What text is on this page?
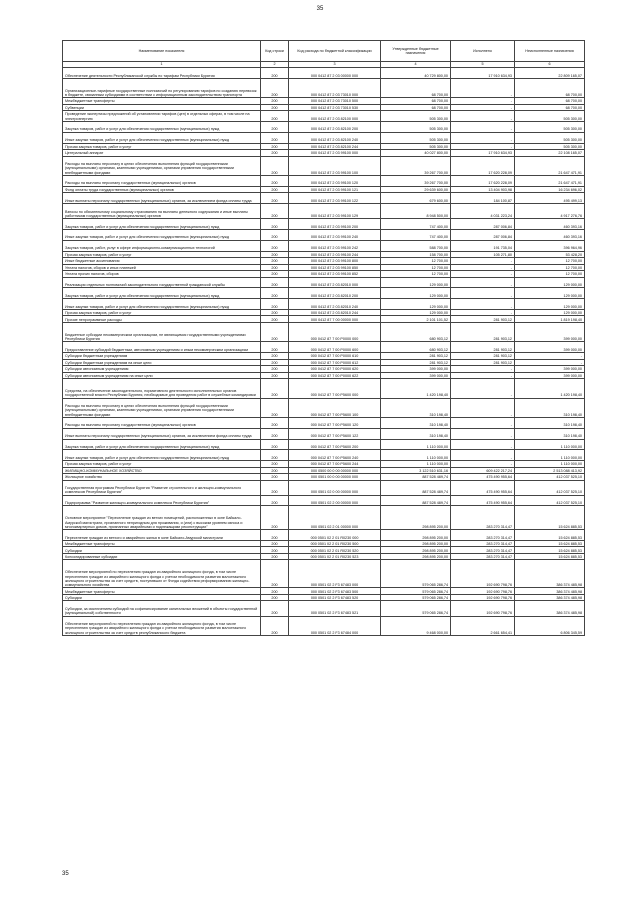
35
Наименование показателя	Код строки	Код расхода по бюджетной классификации	Утвержденные бюджетные назначения	Исполнено	Неисполненные назначения
1	2	3	4	5	6
Обеспечение деятельности Республиканской службы по тарифам Республики Бурятия	200	000 0412 87 2 03 00000 000	40 729 800,00	17 910 634,93	22 809 165,07
Организационные-тарифные государственные полномочий по регулированию тарифов по созданию перевозок в бюджете, связанным субсидиями в соответствии с информационным законодательством транспорта	200	000 0412 87 2 03 73010 000	68 700,00	-	68 700,00
Межбюджетные трансферты	200	000 0412 87 2 03 73010 500	68 700,00	-	68 700,00
Субвенции	200	000 0412 87 2 03 73010 530	68 700,00	-	68 700,00
Проведение экспертизы предложений об установлении тарифов (цен) в отдельных сферах, в том числе на электроэнергию	200	000 0412 87 2 03 82100 000	505 300,00	-	505 300,00
Закупка товаров, работ и услуг для обеспечения государственных (муниципальных) нужд	200	000 0412 87 2 03 82100 200	505 300,00	-	505 300,00
Иные закупки товаров, работ и услуг для обеспечения государственных (муниципальных) нужд	200	000 0412 87 2 03 82100 240	505 300,00	-	505 300,00
Прочая закупка товаров, работ и услуг	200	000 0412 87 2 03 82100 244	505 300,00	-	505 300,00
Центральный аппарат	200	000 0412 87 2 03 99100 000	40 027 800,00	17 910 634,93	22 108 165,07
Расходы на выплаты персоналу в целях обеспечения выполнения функций государственными (муниципальными) органами, казенными учреждениями, органами управления государственными внебюджетными фондами	200	000 0412 87 2 03 99100 100	39 267 700,00	17 620 228,09	21 647 471,91
Расходы на выплаты персоналу государственных (муниципальных) органов	200	000 0412 87 2 03 99100 120	39 267 700,00	17 620 228,09	21 647 471,91
Фонд оплаты труда государственных (муниципальных) органов	200	000 0412 87 2 03 99100 121	29 639 600,00	13 404 903,98	16 234 696,02
Иные выплаты персоналу государственных (муниципальных) органов, за исключением фонда оплаты труда	200	000 0412 87 2 03 99100 122	679 600,00	184 100,87	495 499,13
Взносы по обязательному социальному страхованию на выплаты денежного содержания и иные выплаты работникам государственных (муниципальных) органов	200	000 0412 87 2 03 99100 129	8 948 500,00	4 031 223,24	4 917 276,76
Закупка товаров, работ и услуг для обеспечения государственных (муниципальных) нужд	200	000 0412 87 2 03 99100 200	747 400,00	287 006,84	460 393,16
Иные закупки товаров, работ и услуг для обеспечения государственных (муниципальных) нужд	200	000 0412 87 2 03 99100 240	747 400,00	287 006,84	460 393,16
Закупка товаров, работ, услуг в сфере информационно-коммуникационных технологий	200	000 0412 87 2 03 99100 242	588 700,00	191 735,04	396 964,96
Прочая закупка товаров, работ и услуг	200	000 0412 87 2 03 99100 244	158 700,00	105 271,80	53 428,20
Иные бюджетные ассигнования	200	000 0412 87 2 03 99100 800	12 700,00	-	12 700,00
Уплата налогов, сборов и иных платежей	200	000 0412 87 2 03 99100 850	12 700,00	-	12 700,00
Уплата прочих налогов, сборов	200	000 0412 87 2 03 99100 852	12 700,00	-	12 700,00
Реализация отдельных полномочий законодательного государственной гражданской службы	200	000 0412 87 2 03 82010 000	129 000,00	-	129 000,00
Закупка товаров, работ и услуг для обеспечения государственных (муниципальных) нужд	200	000 0412 87 2 03 82010 200	129 000,00	-	129 000,00
Иные закупки товаров, работ и услуг для обеспечения государственных (муниципальных) нужд	200	000 0412 87 2 03 82010 240	129 000,00	-	129 000,00
Прочая закупка товаров, работ и услуг	200	000 0412 87 2 03 82010 244	129 000,00	-	129 000,00
Прочие непрограммные расходы	200	000 0412 87 7 00 00000 000	2 101 101,52	281 903,12	1 819 198,40
Бюджетные субсидии некоммерческим организациям, не являющимся государственными учреждениями Республики Бурятия	200	000 0412 87 7 00 P0000 000	680 903,12	281 903,12	399 000,00
Предоставление субсидий бюджетным, автономным учреждениям и иным некоммерческим организациям	200	000 0412 87 7 00 P0000 600	680 903,12	281 903,12	399 000,00
Субсидии бюджетным учреждениям	200	000 0412 87 7 00 P0000 610	281 903,12	281 903,12	-
Субсидии бюджетным учреждениям на иные цели	200	000 0412 87 7 00 P0000 612	281 903,12	281 903,12	-
Субсидии автономным учреждениям	200	000 0412 87 7 00 P0000 620	399 000,00	-	399 000,00
Субсидии автономным учреждениям на иные цели	200	000 0412 87 7 00 P0000 622	399 000,00	-	399 000,00
Средства, на обеспечение законодательного, нормативного деятельности исполнительных органов государственной власти Республики Бурятия, необходимые для проведения работ в служебные командировки	200	000 0412 87 7 00 P5600 000	1 420 198,40	-	1 420 198,40
Расходы на выплаты персоналу в целях обеспечения выполнения функций государственными (муниципальными) органами, казенными учреждениями, органами управления государственными внебюджетными фондами	200	000 0412 87 7 00 P5600 100	310 198,40	-	310 198,40
Расходы на выплаты персоналу государственных (муниципальных) органов	200	000 0412 87 7 00 P5600 120	310 198,40	-	310 198,40
Иные выплаты персоналу государственных (муниципальных) органов, за исключением фонда оплаты труда	200	000 0412 87 7 00 P5600 122	310 198,40	-	310 198,40
Закупка товаров, работ и услуг для обеспечения государственных (муниципальных) нужд	200	000 0412 87 7 00 P5600 200	1 110 000,00	-	1 110 000,00
Иные закупки товаров, работ и услуг для обеспечения государственных (муниципальных) нужд	200	000 0412 87 7 00 P5600 240	1 110 000,00	-	1 110 000,00
Прочая закупка товаров, работ и услуг	200	000 0412 87 7 00 P5600 244	1 110 000,00	-	1 110 000,00
ЖИЛИЩНО-КОММУНАЛЬНОЕ ХОЗЯЙСТВО	200	000 0500 00 0 00 00000 000	3 122 510 631,16	609 422 217,24	2 513 088 413,92
Жилищное хозяйство	200	000 0501 00 0 00 00000 000	887 528 489,74	475 490 955,64	412 037 525,10
Государственная программа Республики Бурятия "Развитие строительного и жилищно-коммунального комплексов Республики Бурятия"	200	000 0501 02 0 00 00000 000	887 528 489,74	475 490 955,64	412 037 525,10
Подпрограмма "Развитие жилищно-коммунального комплекса Республики Бурятия"	200	000 0501 02 2 00 00000 000	887 528 489,74	475 490 955,64	412 037 525,10
Основное мероприятие "Переселение граждан из ветхих помещений, расположенных в зоне Байкало-Амурской магистрали, признанного непригодным для проживания, и (или) с высоким уровнем износа и многоквартирных домов, признанных аварийными и подлежащими реконструкции"	200	000 0501 02 2 01 00000 000	298 895 200,00	283 270 314,47	15 624 885,53
Переселение граждан из ветхого и аварийного жилья в зоне Байкало-Амурской магистрали	200	000 0501 02 2 01 R0230 000	298 895 200,00	283 270 314,47	15 624 885,53
Межбюджетные трансферты	200	000 0501 02 2 01 R0230 500	298 895 200,00	283 270 314,47	15 624 885,53
Субсидии	200	000 0501 02 2 01 R0230 520	298 895 200,00	283 270 314,47	15 624 885,53
Консолидированные субсидии	200	000 0501 02 2 01 R0230 523	298 895 200,00	283 270 314,47	15 624 885,53
Обеспечение мероприятий по переселению граждан из аварийного жилищного фонда, в том числе переселению граждан из аварийного жилищного фонда с учетом необходимости развития малоэтажного жилищного строительства за счет средств, поступивших от Фонда содействия реформированию жилищно-коммунального хозяйства	200	000 0501 02 2 F3 67483 000	579 065 286,74	192 690 798,76	386 374 485,98
Межбюджетные трансферты	200	000 0501 02 2 F3 67483 500	579 065 286,74	192 690 798,76	386 374 485,98
Субсидии	200	000 0501 02 2 F3 67483 520	579 065 286,74	192 690 798,76	386 374 485,98
Субсидии, за исключением субсидий на софинансирование капитальных вложений в объекты государственной (муниципальной) собственности	200	000 0501 02 2 F3 67483 521	579 065 286,74	192 690 798,76	386 374 485,98
Обеспечение мероприятий по переселению граждан из аварийного жилищного фонда, в том числе переселению граждан из аварийного жилищного фонда с учетом необходимости развития малоэтажного жилищного строительства за счет средств республиканского бюджета	200	000 0501 02 2 F3 67484 000	9 468 000,00	2 661 654,41	6 806 345,59
35
